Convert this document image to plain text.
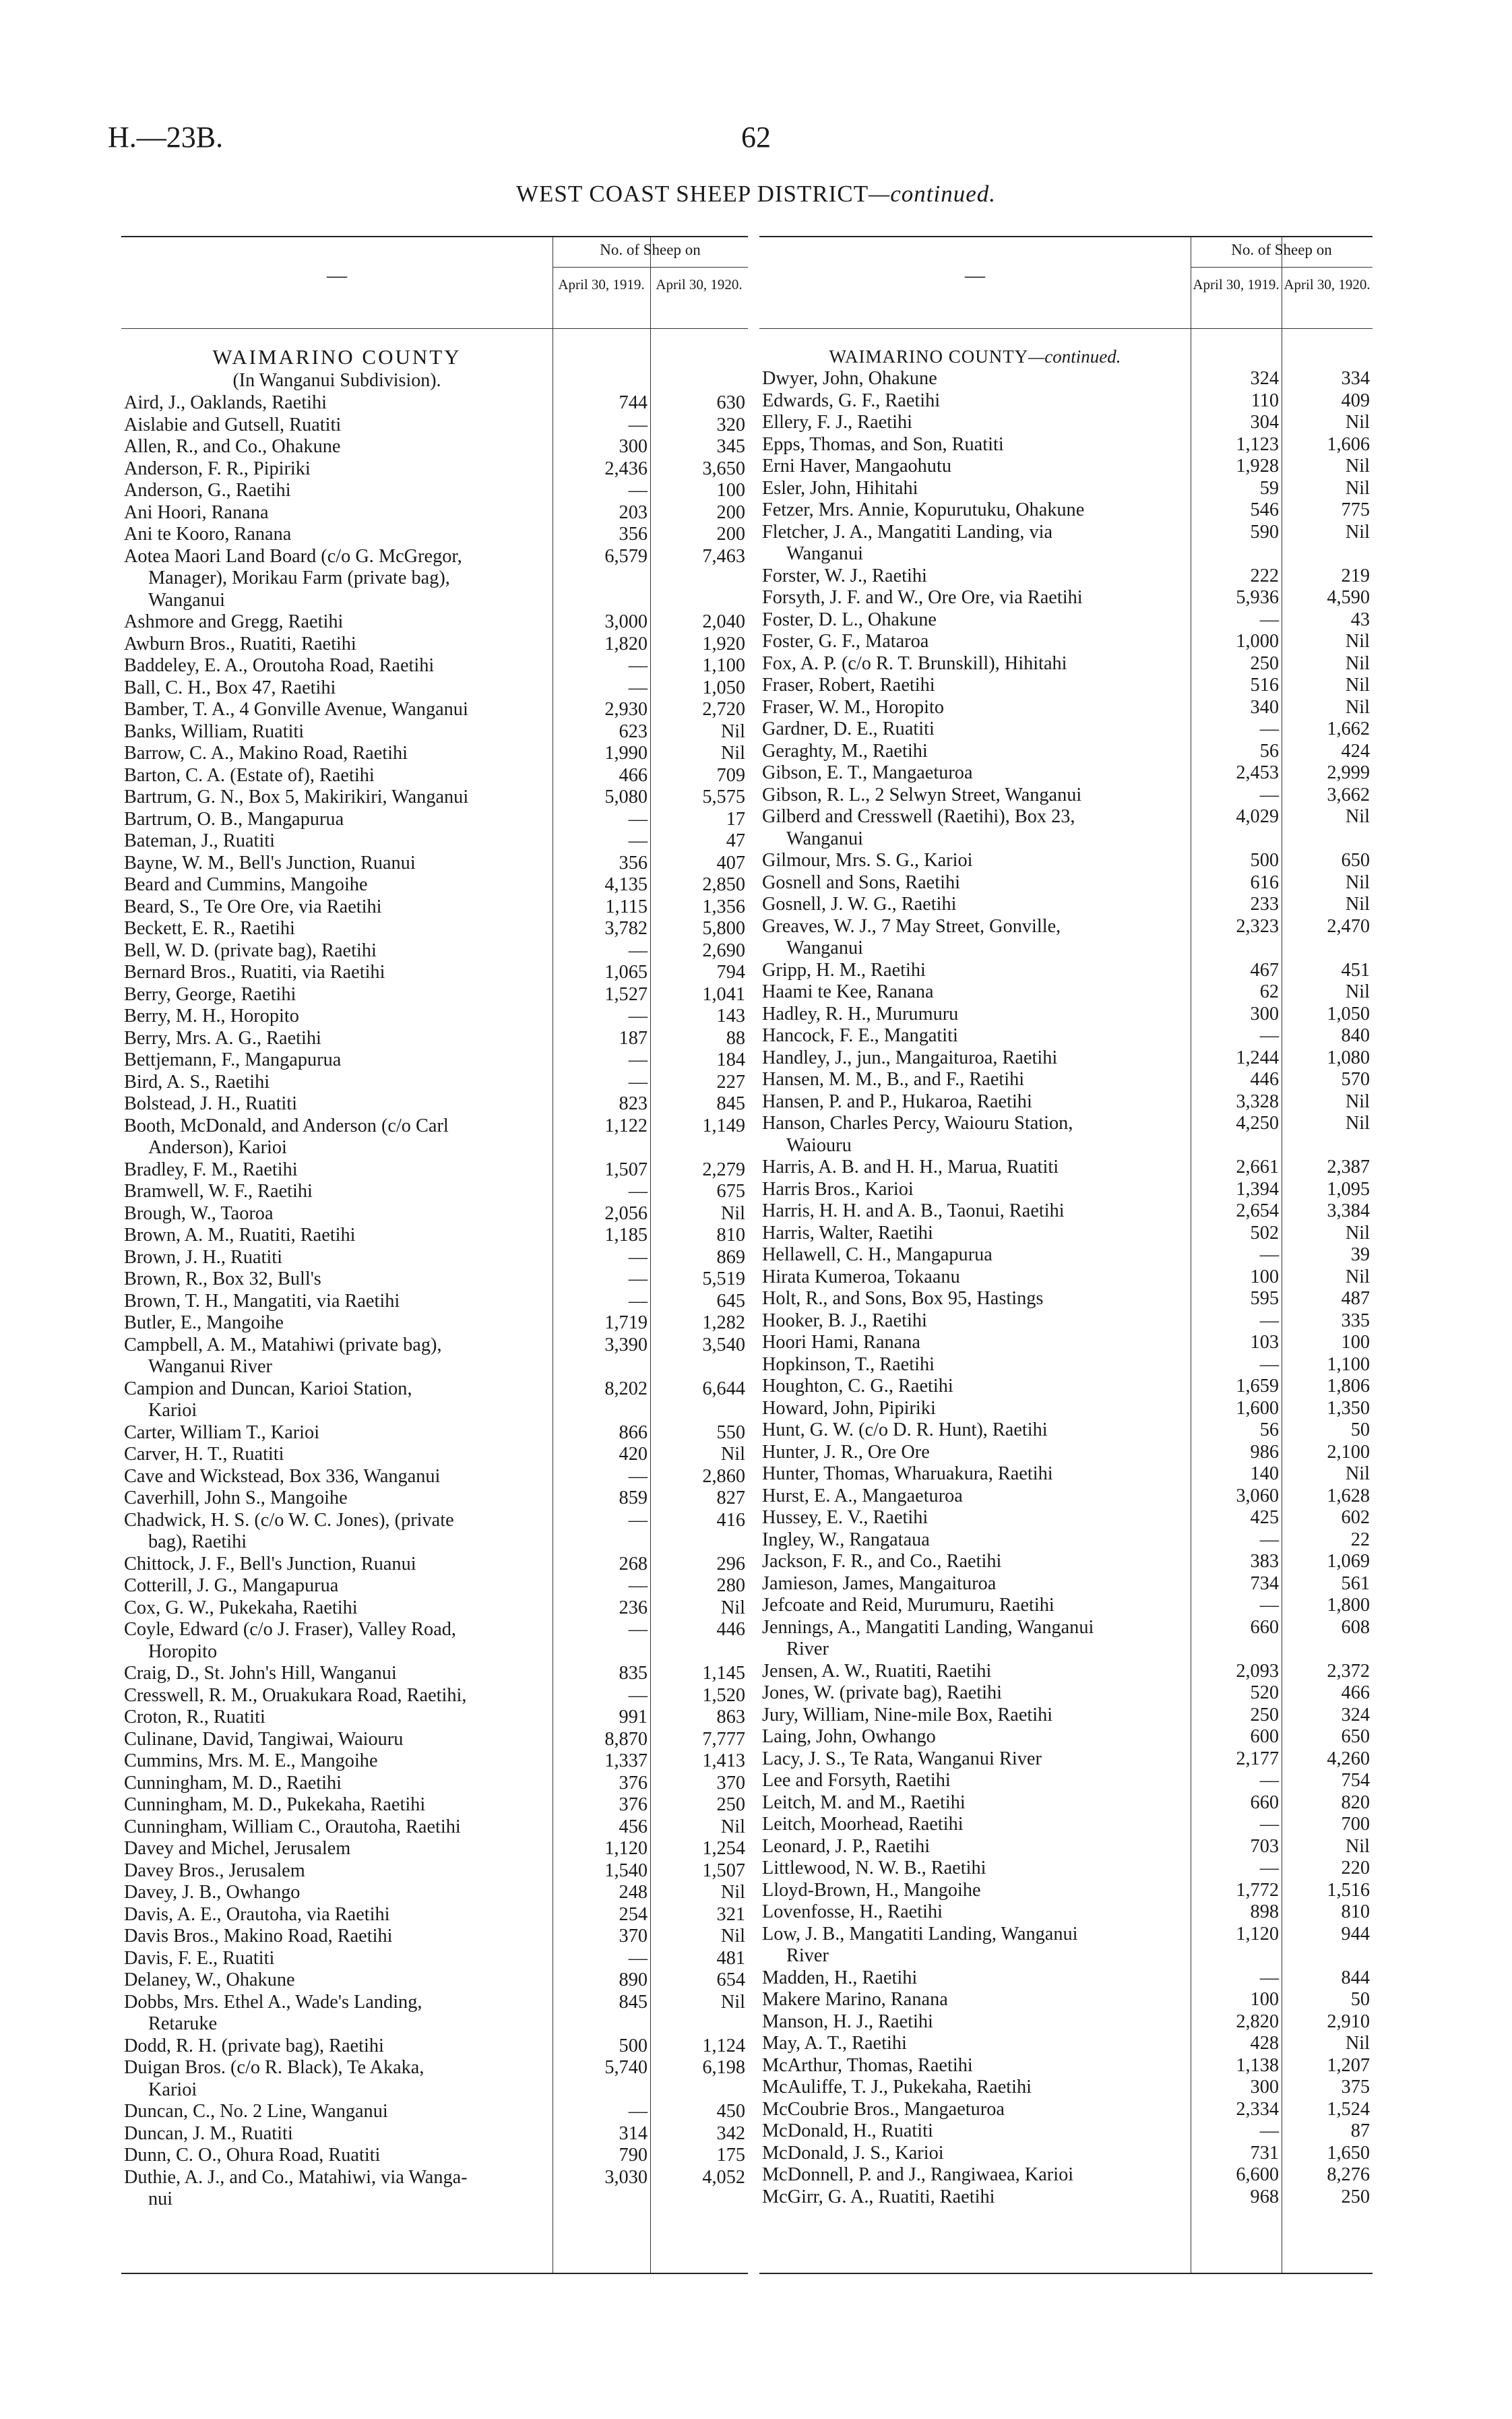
H.—23B.	62
WEST COAST SHEEP DISTRICT—continued.
—
No. of Sheep on
April 30, 1919. April 30, 1920.
WAIMARINO COUNTY
(In Wanganui Subdivision).
Aird, J., Oaklands, Raetihi	744	630
Aislabie and Gutsell, Ruatiti	—	320
Allen, R., and Co., Ohakune	300	345
Anderson, F. R., Pipiriki	2,436	3,650
Anderson, G., Raetihi	—	100
Ani Hoori, Ranana	203	200
Ani te Kooro, Ranana	356	200
Aotea Maori Land Board (c/o G. McGregor,	6,579	7,463
Manager), Morikau Farm (private bag),
Wanganui
Ashmore and Gregg, Raetihi	3,000	2,040
Awburn Bros., Ruatiti, Raetihi	1,820	1,920
Baddeley, E. A., Oroutoha Road, Raetihi	—	1,100
Ball, C. H., Box 47, Raetihi	—	1,050
Bamber, T. A., 4 Gonville Avenue, Wanganui	2,930	2,720
Banks, William, Ruatiti	623	Nil
Barrow, C. A., Makino Road, Raetihi	1,990	Nil
Barton, C. A. (Estate of), Raetihi	466	709
Bartrum, G. N., Box 5, Makirikiri, Wanganui	5,080	5,575
Bartrum, O. B., Mangapurua	—	17
Bateman, J., Ruatiti	—	47
Bayne, W. M., Bell's Junction, Ruanui	356	407
Beard and Cummins, Mangoihe	4,135	2,850
Beard, S., Te Ore Ore, via Raetihi	1,115	1,356
Beckett, E. R., Raetihi	3,782	5,800
Bell, W. D. (private bag), Raetihi	—	2,690
Bernard Bros., Ruatiti, via Raetihi	1,065	794
Berry, George, Raetihi	1,527	1,041
Berry, M. H., Horopito	—	143
Berry, Mrs. A. G., Raetihi	187	88
Bettjemann, F., Mangapurua	—	184
Bird, A. S., Raetihi	—	227
Bolstead, J. H., Ruatiti	823	845
Booth, McDonald, and Anderson (c/o Carl	1,122	1,149
Anderson), Karioi
Bradley, F. M., Raetihi	1,507	2,279
Bramwell, W. F., Raetihi	—	675
Brough, W., Taoroa	2,056	Nil
Brown, A. M., Ruatiti, Raetihi	1,185	810
Brown, J. H., Ruatiti	—	869
Brown, R., Box 32, Bull's	—	5,519
Brown, T. H., Mangatiti, via Raetihi	—	645
Butler, E., Mangoihe	1,719	1,282
Campbell, A. M., Matahiwi (private bag),	3,390	3,540
Wanganui River
Campion and Duncan, Karioi Station,	8,202	6,644
Karioi
Carter, William T., Karioi	866	550
Carver, H. T., Ruatiti	420	Nil
Cave and Wickstead, Box 336, Wanganui	—	2,860
Caverhill, John S., Mangoihe	859	827
Chadwick, H. S. (c/o W. C. Jones), (private	—	416
bag), Raetihi
Chittock, J. F., Bell's Junction, Ruanui	268	296
Cotterill, J. G., Mangapurua	—	280
Cox, G. W., Pukekaha, Raetihi	236	Nil
Coyle, Edward (c/o J. Fraser), Valley Road,	—	446
Horopito
Craig, D., St. John's Hill, Wanganui	835	1,145
Cresswell, R. M., Oruakukara Road, Raetihi,	—	1,520
Croton, R., Ruatiti	991	863
Culinane, David, Tangiwai, Waiouru	8,870	7,777
Cummins, Mrs. M. E., Mangoihe	1,337	1,413
Cunningham, M. D., Raetihi	376	370
Cunningham, M. D., Pukekaha, Raetihi	376	250
Cunningham, William C., Orautoha, Raetihi	456	Nil
Davey and Michel, Jerusalem	1,120	1,254
Davey Bros., Jerusalem	1,540	1,507
Davey, J. B., Owhango	248	Nil
Davis, A. E., Orautoha, via Raetihi	254	321
Davis Bros., Makino Road, Raetihi	370	Nil
Davis, F. E., Ruatiti	—	481
Delaney, W., Ohakune	890	654
Dobbs, Mrs. Ethel A., Wade's Landing,	845	Nil
Retaruke
Dodd, R. H. (private bag), Raetihi	500	1,124
Duigan Bros. (c/o R. Black), Te Akaka,	5,740	6,198
Karioi
Duncan, C., No. 2 Line, Wanganui	—	450
Duncan, J. M., Ruatiti	314	342
Dunn, C. O., Ohura Road, Ruatiti	790	175
Duthie, A. J., and Co., Matahiwi, via Wanga-	3,030	4,052
nui
—
No. of Sheep on
April 30, 1919. April 30, 1920.
WAIMARINO COUNTY—continued.
Dwyer, John, Ohakune	324	334
Edwards, G. F., Raetihi	110	409
Ellery, F. J., Raetihi	304	Nil
Epps, Thomas, and Son, Ruatiti	1,123	1,606
Erni Haver, Mangaohutu	1,928	Nil
Esler, John, Hihitahi	59	Nil
Fetzer, Mrs. Annie, Kopurutuku, Ohakune	546	775
Fletcher, J. A., Mangatiti Landing, via	590	Nil
Wanganui
Forster, W. J., Raetihi	222	219
Forsyth, J. F. and W., Ore Ore, via Raetihi	5,936	4,590
Foster, D. L., Ohakune	—	43
Foster, G. F., Mataroa	1,000	Nil
Fox, A. P. (c/o R. T. Brunskill), Hihitahi	250	Nil
Fraser, Robert, Raetihi	516	Nil
Fraser, W. M., Horopito	340	Nil
Gardner, D. E., Ruatiti	—	1,662
Geraghty, M., Raetihi	56	424
Gibson, E. T., Mangaeturoa	2,453	2,999
Gibson, R. L., 2 Selwyn Street, Wanganui	—	3,662
Gilberd and Cresswell (Raetihi), Box 23,	4,029	Nil
Wanganui
Gilmour, Mrs. S. G., Karioi	500	650
Gosnell and Sons, Raetihi	616	Nil
Gosnell, J. W. G., Raetihi	233	Nil
Greaves, W. J., 7 May Street, Gonville,	2,323	2,470
Wanganui
Gripp, H. M., Raetihi	467	451
Haami te Kee, Ranana	62	Nil
Hadley, R. H., Murumuru	300	1,050
Hancock, F. E., Mangatiti	—	840
Handley, J., jun., Mangaituroa, Raetihi	1,244	1,080
Hansen, M. M., B., and F., Raetihi	446	570
Hansen, P. and P., Hukaroa, Raetihi	3,328	Nil
Hanson, Charles Percy, Waiouru Station,	4,250	Nil
Waiouru
Harris, A. B. and H. H., Marua, Ruatiti	2,661	2,387
Harris Bros., Karioi	1,394	1,095
Harris, H. H. and A. B., Taonui, Raetihi	2,654	3,384
Harris, Walter, Raetihi	502	Nil
Hellawell, C. H., Mangapurua	—	39
Hirata Kumeroa, Tokaanu	100	Nil
Holt, R., and Sons, Box 95, Hastings	595	487
Hooker, B. J., Raetihi	—	335
Hoori Hami, Ranana	103	100
Hopkinson, T., Raetihi	—	1,100
Houghton, C. G., Raetihi	1,659	1,806
Howard, John, Pipiriki	1,600	1,350
Hunt, G. W. (c/o D. R. Hunt), Raetihi	56	50
Hunter, J. R., Ore Ore	986	2,100
Hunter, Thomas, Wharuakura, Raetihi	140	Nil
Hurst, E. A., Mangaeturoa	3,060	1,628
Hussey, E. V., Raetihi	425	602
Ingley, W., Rangataua	—	22
Jackson, F. R., and Co., Raetihi	383	1,069
Jamieson, James, Mangaituroa	734	561
Jefcoate and Reid, Murumuru, Raetihi	—	1,800
Jennings, A., Mangatiti Landing, Wanganui	660	608
River
Jensen, A. W., Ruatiti, Raetihi	2,093	2,372
Jones, W. (private bag), Raetihi	520	466
Jury, William, Nine-mile Box, Raetihi	250	324
Laing, John, Owhango	600	650
Lacy, J. S., Te Rata, Wanganui River	2,177	4,260
Lee and Forsyth, Raetihi	—	754
Leitch, M. and M., Raetihi	660	820
Leitch, Moorhead, Raetihi	—	700
Leonard, J. P., Raetihi	703	Nil
Littlewood, N. W. B., Raetihi	—	220
Lloyd-Brown, H., Mangoihe	1,772	1,516
Lovenfosse, H., Raetihi	898	810
Low, J. B., Mangatiti Landing, Wanganui	1,120	944
River
Madden, H., Raetihi	—	844
Makere Marino, Ranana	100	50
Manson, H. J., Raetihi	2,820	2,910
May, A. T., Raetihi	428	Nil
McArthur, Thomas, Raetihi	1,138	1,207
McAuliffe, T. J., Pukekaha, Raetihi	300	375
McCoubrie Bros., Mangaeturoa	2,334	1,524
McDonald, H., Ruatiti	—	87
McDonald, J. S., Karioi	731	1,650
McDonnell, P. and J., Rangiwaea, Karioi	6,600	8,276
McGirr, G. A., Ruatiti, Raetihi	968	250
